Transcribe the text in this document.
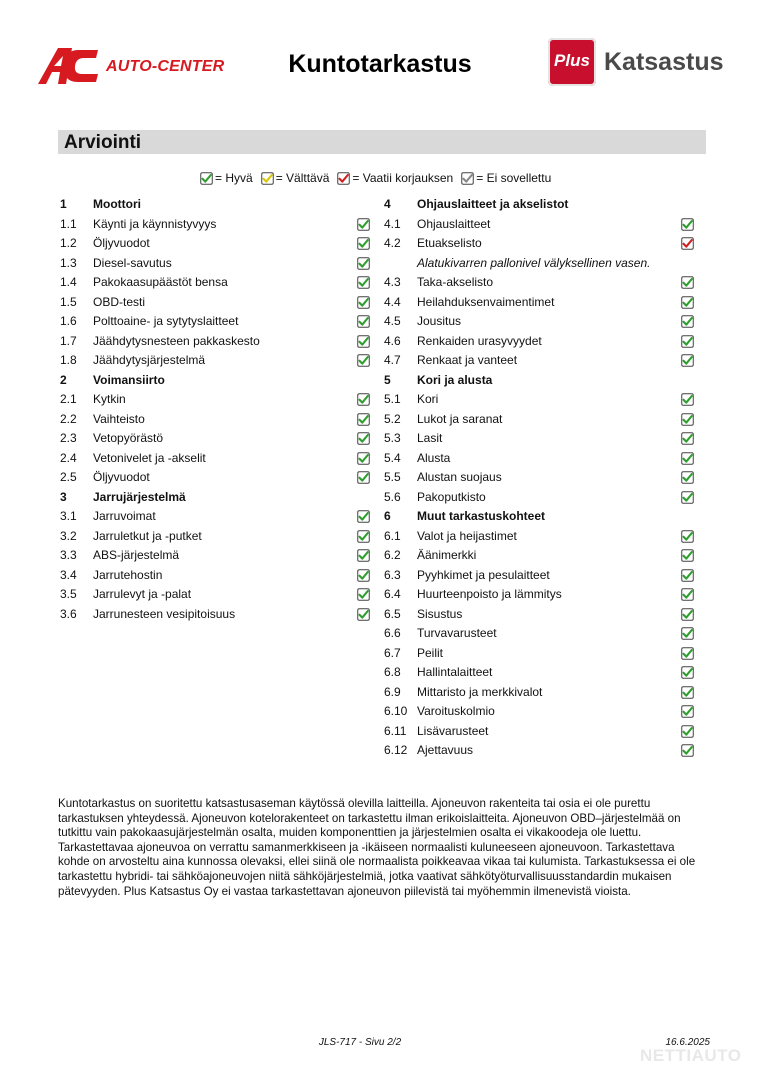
AUTO-CENTER	Kuntotarkastus	Plus Katsastus
Arviointi
= Hyvä = Välttävä = Vaatii korjauksen = Ei sovellettu
1 Moottori
1.1 Käynti ja käynnistyvyys
1.2 Öljyvuodot
1.3 Diesel-savutus
1.4 Pakokaasupäästöt bensa
1.5 OBD-testi
1.6 Polttoaine- ja sytytyslaitteet
1.7 Jäähdytysnesteen pakkaskesto
1.8 Jäähdytysjärjestelmä
2 Voimansiirto
2.1 Kytkin
2.2 Vaihteisto
2.3 Vetopyörästö
2.4 Vetonivelet ja -akselit
2.5 Öljyvuodot
3 Jarrujärjestelmä
3.1 Jarruvoimat
3.2 Jarruletkut ja -putket
3.3 ABS-järjestelmä
3.4 Jarrutehostin
3.5 Jarrulevyt ja -palat
3.6 Jarrunesteen vesipitoisuus
4 Ohjauslaitteet ja akselistot
4.1 Ohjauslaitteet
4.2 Etuakselisto
Alatukivarren pallonivel välyksellinen vasen.
4.3 Taka-akselisto
4.4 Heilahduksenvaimentimet
4.5 Jousitus
4.6 Renkaiden urasyvyydet
4.7 Renkaat ja vanteet
5 Kori ja alusta
5.1 Kori
5.2 Lukot ja saranat
5.3 Lasit
5.4 Alusta
5.5 Alustan suojaus
5.6 Pakoputkisto
6 Muut tarkastuskohteet
6.1 Valot ja heijastimet
6.2 Äänimerkki
6.3 Pyyhkimet ja pesulaitteet
6.4 Huurteenpoisto ja lämmitys
6.5 Sisustus
6.6 Turvavarusteet
6.7 Peilit
6.8 Hallintalaitteet
6.9 Mittaristo ja merkkivalot
6.10 Varoituskolmio
6.11 Lisävarusteet
6.12 Ajettavuus
Kuntotarkastus on suoritettu katsastusaseman käytössä olevilla laitteilla. Ajoneuvon rakenteita tai osia ei ole purettu tarkastuksen yhteydessä. Ajoneuvon kotelorakenteet on tarkastettu ilman erikoislaitteita. Ajoneuvon OBD–järjestelmää on tutkittu vain pakokaasujärjestelmän osalta, muiden komponenttien ja järjestelmien osalta ei vikakoodeja ole luettu. Tarkastettavaa ajoneuvoa on verrattu samanmerkkiseen ja -ikäiseen normaalisti kuluneeseen ajoneuvoon. Tarkastettava kohde on arvosteltu aina kunnossa olevaksi, ellei siinä ole normaalista poikkeavaa vikaa tai kulumista. Tarkastuksessa ei ole tarkastettu hybridi- tai sähköajoneuvojen niitä sähköjärjestelmiä, jotka vaativat sähkötyöturvallisuusstandardin mukaisen pätevyyden. Plus Katsastus Oy ei vastaa tarkastettavan ajoneuvon piilevistä tai myöhemmin ilmenevistä vioista.
JLS-717 - Sivu 2/2	16.6.2025
NETTIAUTO
